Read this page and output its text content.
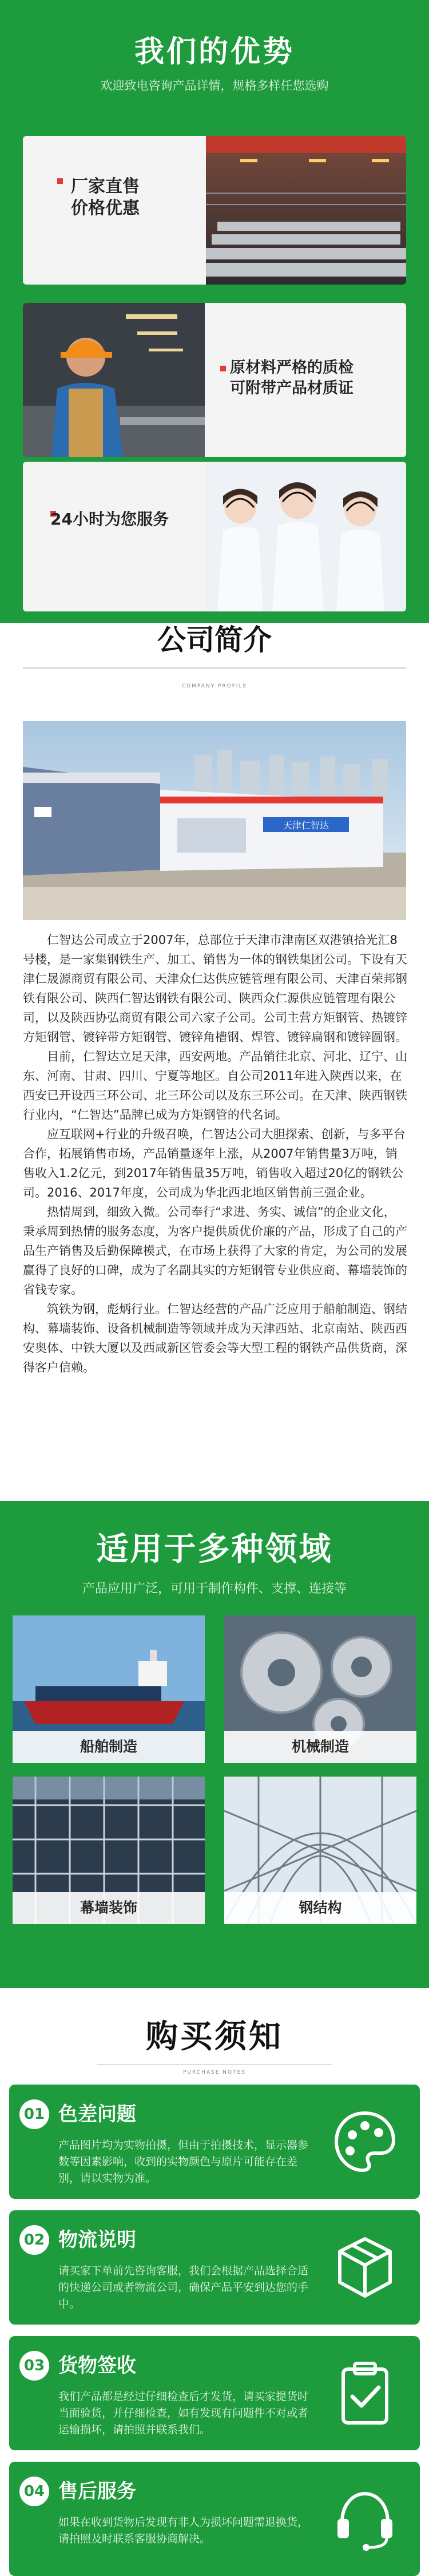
我们的优势
欢迎致电咨询产品详情，规格多样任您选购
厂家直售
价格优惠
原材料严格的质检
可附带产品材质证
24小时为您服务
公司简介
COMPANY PROFILE
天津仁智达

仁智达公司成立于2007年，总部位于天津市津南区双港镇拾光汇8号楼，是一家集钢铁生产、加工、销售为一体的钢铁集团公司。下设有天津仁晟源商贸有限公司、天津众仁达供应链管理有限公司、天津百荣邦钢铁有限公司、陕西仁智达钢铁有限公司、陕西众仁源供应链管理有限公司，以及陕西协弘商贸有限公司六家子公司。公司主营方矩钢管、热镀锌方矩钢管、镀锌带方矩钢管、镀锌角槽钢、焊管、镀锌扁钢和镀锌圆钢。

目前，仁智达立足天津，西安两地。产品销往北京、河北、辽宁、山东、河南、甘肃、四川、宁夏等地区。自公司2011年进入陕西以来，在西安已开设西三环公司、北三环公司以及东三环公司。在天津、陕西钢铁行业内，“仁智达”品牌已成为方矩钢管的代名词。

应互联网+行业的升级召唤，仁智达公司大胆探索、创新，与多平台合作，拓展销售市场，产品销量逐年上涨，从2007年销售量3万吨，销售收入1.2亿元，到2017年销售量35万吨，销售收入超过20亿的钢铁公司。2016、2017年度，公司成为华北西北地区销售前三强企业。

热情周到，细致入微。公司奉行“求进、务实、诚信”的企业文化，秉承周到热情的服务态度，为客户提供质优价廉的产品，形成了自己的产品生产销售及后勤保障模式，在市场上获得了大家的肯定，为公司的发展赢得了良好的口碑，成为了名副其实的方矩钢管专业供应商、幕墙装饰的省钱专家。

筑铁为钢，彪炳行业。仁智达经营的产品广泛应用于船舶制造、钢结构、幕墙装饰、设备机械制造等领域并成为天津西站、北京南站、陕西西安奥体、中铁大厦以及西咸新区管委会等大型工程的钢铁产品供货商，深得客户信赖。

适用于多种领域
产品应用广泛，可用于制作构件、支撑、连接等
船舶制造	机械制造
幕墙装饰	钢结构
购买须知
PURCHASE NOTES
01 色差问题
产品图片均为实物拍摄，但由于拍摄技术，显示器参数等因素影响，收到的实物颜色与原片可能存在差别，请以实物为准。
02 物流说明
请买家下单前先咨询客服，我们会根据产品选择合适的快递公司或者物流公司，确保产品平安到达您的手中。
03 货物签收
我们产品都是经过仔细检查后才发货，请买家提货时当面验货，并仔细检查，如有发现有问题件不对或者运输损坏，请拍照并联系我们。
04 售后服务
如果在收到货物后发现有非人为损坏问题需退换货，请拍照及时联系客服协商解决。
